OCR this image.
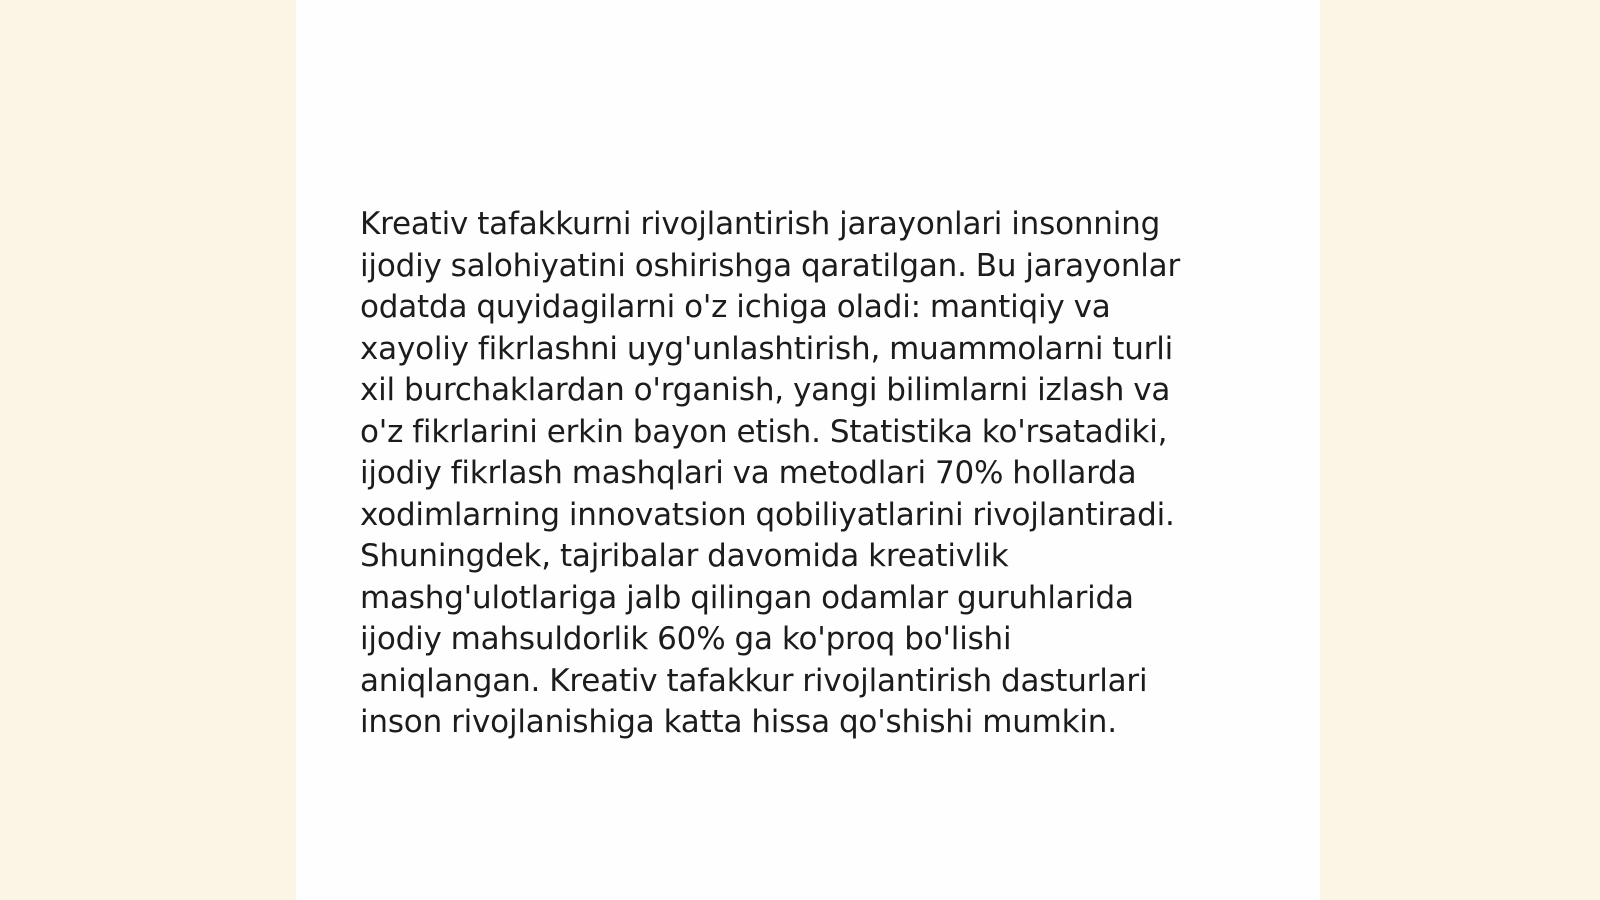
Kreativ tafakkurni rivojlantirish jarayonlari insonning
ijodiy salohiyatini oshirishga qaratilgan. Bu jarayonlar
odatda quyidagilarni o'z ichiga oladi: mantiqiy va
xayoliy fikrlashni uyg'unlashtirish, muammolarni turli
xil burchaklardan o'rganish, yangi bilimlarni izlash va
o'z fikrlarini erkin bayon etish. Statistika ko'rsatadiki,
ijodiy fikrlash mashqlari va metodlari 70% hollarda
xodimlarning innovatsion qobiliyatlarini rivojlantiradi.
Shuningdek, tajribalar davomida kreativlik
mashg'ulotlariga jalb qilingan odamlar guruhlarida
ijodiy mahsuldorlik 60% ga ko'proq bo'lishi
aniqlangan. Kreativ tafakkur rivojlantirish dasturlari
inson rivojlanishiga katta hissa qo'shishi mumkin.
